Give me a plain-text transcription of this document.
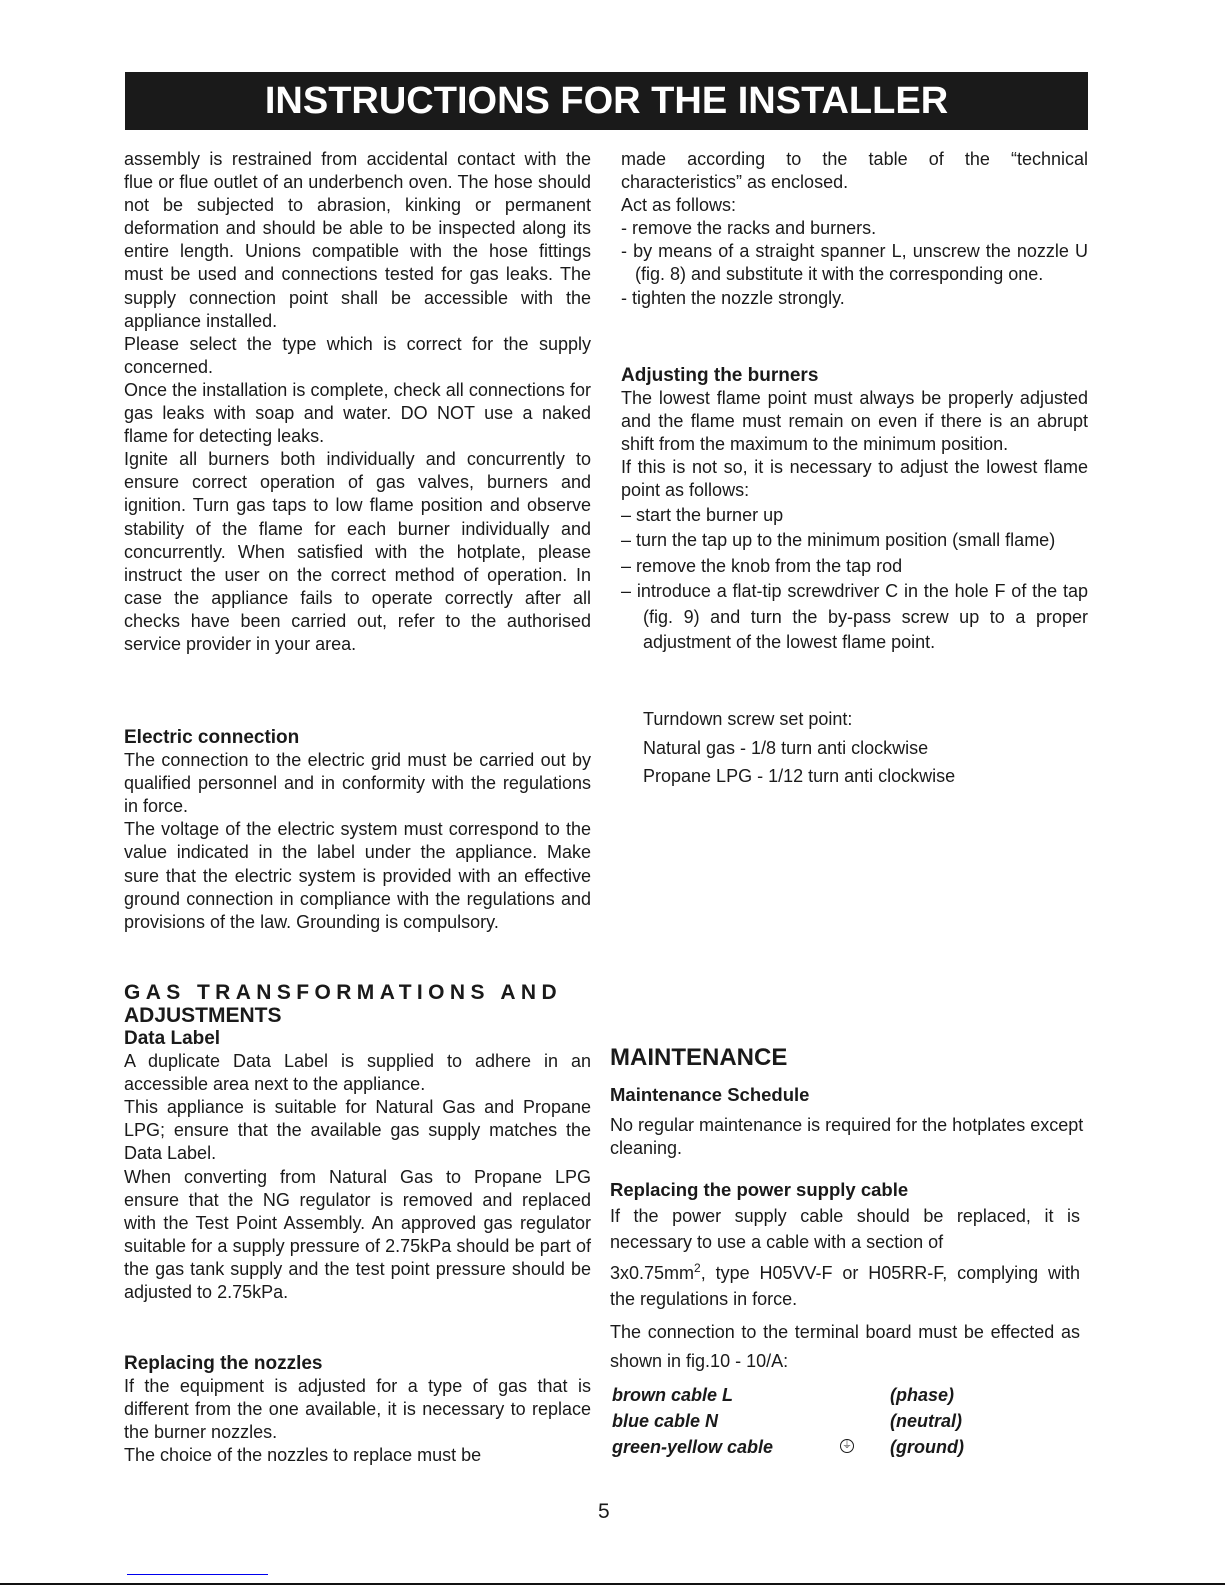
INSTRUCTIONS FOR THE INSTALLER

assembly is restrained from accidental contact with the flue or flue outlet of an underbench oven. The hose should not be subjected to abrasion, kinking or permanent deformation and should be able to be inspected along its entire length. Unions compatible with the hose fittings must be used and connections tested for gas leaks. The supply connection point shall be accessible with the appliance installed.

Please select the type which is correct for the supply concerned.

Once the installation is complete, check all connections for gas leaks with soap and water. DO NOT use a naked flame for detecting leaks.

Ignite all burners both individually and concurrently to ensure correct operation of gas valves, burners and ignition. Turn gas taps to low flame position and observe stability of the flame for each burner individually and concurrently. When satisfied with the hotplate, please instruct the user on the correct method of operation. In case the appliance fails to operate correctly after all checks have been carried out, refer to the authorised service provider in your area.

Electric connection

The connection to the electric grid must be carried out by qualified personnel and in conformity with the regulations in force.

The voltage of the electric system must correspond to the value indicated in the label under the appliance. Make sure that the electric system is provided with an effective ground connection in compliance with the regulations and provisions of the law. Grounding is compulsory.

GAS TRANSFORMATIONS AND

ADJUSTMENTS

Data Label

A duplicate Data Label is supplied to adhere in an accessible area next to the appliance.

This appliance is suitable for Natural Gas and Propane LPG; ensure that the available gas supply matches the Data Label.

When converting from Natural Gas to Propane LPG ensure that the NG regulator is removed and replaced with the Test Point Assembly. An approved gas regulator suitable for a supply pressure of 2.75kPa should be part of the gas tank supply and the test point pressure should be adjusted to 2.75kPa.

Replacing the nozzles

If the equipment is adjusted for a type of gas that is different from the one available, it is necessary to replace the burner nozzles.

The choice of the nozzles to replace must be

made according to the table of the “technical characteristics” as enclosed.

Act as follows:

- remove the racks and burners.

- by means of a straight spanner L, unscrew the nozzle U (fig. 8) and substitute it with the corresponding one.

- tighten the nozzle strongly.

Adjusting the burners

The lowest flame point must always be properly adjusted and the flame must remain on even if there is an abrupt shift from the maximum to the minimum position.

If this is not so, it is necessary to adjust the lowest flame point as follows:

– start the burner up

– turn the tap up to the minimum position (small flame)

– remove the knob from the tap rod

– introduce a flat-tip screwdriver C in the hole F of the tap (fig. 9) and turn the by-pass screw up to a proper adjustment of the lowest flame point.

Turndown screw set point:

Natural gas - 1/8 turn anti clockwise

Propane LPG - 1/12 turn anti clockwise

MAINTENANCE

Maintenance Schedule

No regular maintenance is required for the hotplates except cleaning.

Replacing the power supply cable

If the power supply cable should be replaced, it is necessary to use a cable with a section of

$3x0.75mm^2$, type H05VV-F or H05RR-F, complying with the regulations in force.

The connection to the terminal board must be effected as shown in fig.10 - 10/A:

brown cable L	(phase)
blue cable N	(neutral)
green-yellow cable	⏚ (ground)
5
